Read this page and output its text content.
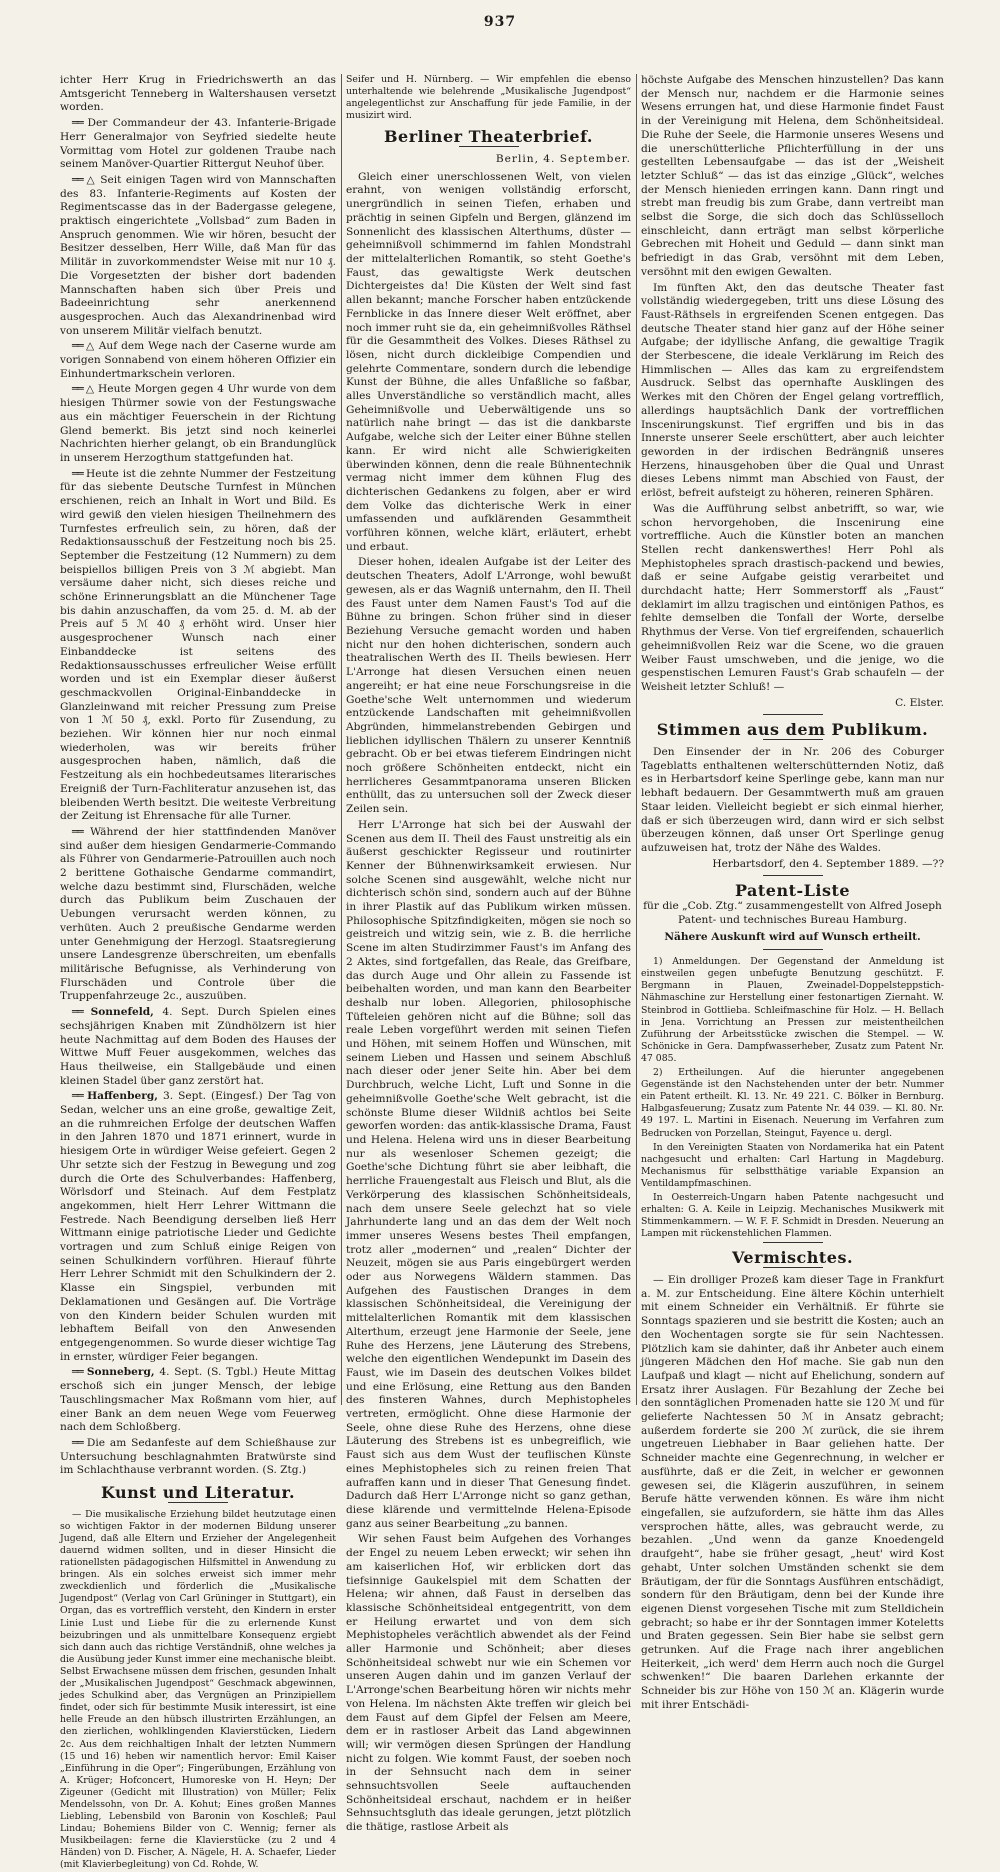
937

ichter Herr Krug in Friedrichswerth an das Amtsgericht Tenneberg in Waltershausen versetzt worden.

══ Der Commandeur der 43. Infanterie-Brigade Herr Generalmajor von Seyfried siedelte heute Vormittag vom Hotel zur goldenen Traube nach seinem Manöver-Quartier Rittergut Neuhof über.

══ △ Seit einigen Tagen wird von Mannschaften des 83. Infanterie-Regiments auf Kosten der Regimentscasse das in der Badergasse gelegene, praktisch eingerichtete „Vollsbad“ zum Baden in Anspruch genommen. Wie wir hören, besucht der Besitzer desselben, Herr Wille, daß Man für das Militär in zuvorkommendster Weise mit nur 10 ₰. Die Vorgesetzten der bisher dort badenden Mannschaften haben sich über Preis und Badeeinrichtung sehr anerkennend ausgesprochen. Auch das Alexandrinenbad wird von unserem Militär vielfach benutzt.

══ △ Auf dem Wege nach der Caserne wurde am vorigen Sonnabend von einem höheren Offizier ein Einhundertmarkschein verloren.

══ △ Heute Morgen gegen 4 Uhr wurde von dem hiesigen Thürmer sowie von der Festungswache aus ein mächtiger Feuerschein in der Richtung Glend bemerkt. Bis jetzt sind noch keinerlei Nachrichten hierher gelangt, ob ein Brandunglück in unserem Herzogthum stattgefunden hat.

══ Heute ist die zehnte Nummer der Festzeitung für das siebente Deutsche Turnfest in München erschienen, reich an Inhalt in Wort und Bild. Es wird gewiß den vielen hiesigen Theilnehmern des Turnfestes erfreulich sein, zu hören, daß der Redaktionsausschuß der Festzeitung noch bis 25. September die Festzeitung (12 Nummern) zu dem beispiellos billigen Preis von 3 ℳ abgiebt. Man versäume daher nicht, sich dieses reiche und schöne Erinnerungsblatt an die Münchener Tage bis dahin anzuschaffen, da vom 25. d. M. ab der Preis auf 5 ℳ 40 ₰ erhöht wird. Unser hier ausgesprochener Wunsch nach einer Einbanddecke ist seitens des Redaktionsausschusses erfreulicher Weise erfüllt worden und ist ein Exemplar dieser äußerst geschmackvollen Original-Einbanddecke in Glanzleinwand mit reicher Pressung zum Preise von 1 ℳ 50 ₰, exkl. Porto für Zusendung, zu beziehen. Wir können hier nur noch einmal wiederholen, was wir bereits früher ausgesprochen haben, nämlich, daß die Festzeitung als ein hochbedeutsames literarisches Ereigniß der Turn-Fachliteratur anzusehen ist, das bleibenden Werth besitzt. Die weiteste Verbreitung der Zeitung ist Ehrensache für alle Turner.

══ Während der hier stattfindenden Manöver sind außer dem hiesigen Gendarmerie-Commando als Führer von Gendarmerie-Patrouillen auch noch 2 berittene Gothaische Gendarme commandirt, welche dazu bestimmt sind, Flurschäden, welche durch das Publikum beim Zuschauen der Uebungen verursacht werden können, zu verhüten. Auch 2 preußische Gendarme werden unter Genehmigung der Herzogl. Staatsregierung unsere Landesgrenze überschreiten, um ebenfalls militärische Befugnisse, als Verhinderung von Flurschäden und Controle über die Truppenfahrzeuge 2c., auszuüben.

══ Sonnefeld, 4. Sept. Durch Spielen eines sechsjährigen Knaben mit Zündhölzern ist hier heute Nachmittag auf dem Boden des Hauses der Wittwe Muff Feuer ausgekommen, welches das Haus theilweise, ein Stallgebäude und einen kleinen Stadel über ganz zerstört hat.

══ Haffenberg, 3. Sept. (Eingesf.) Der Tag von Sedan, welcher uns an eine große, gewaltige Zeit, an die ruhmreichen Erfolge der deutschen Waffen in den Jahren 1870 und 1871 erinnert, wurde in hiesigem Orte in würdiger Weise gefeiert. Gegen 2 Uhr setzte sich der Festzug in Bewegung und zog durch die Orte des Schulverbandes: Haffenberg, Wörlsdorf und Steinach. Auf dem Festplatz angekommen, hielt Herr Lehrer Wittmann die Festrede. Nach Beendigung derselben ließ Herr Wittmann einige patriotische Lieder und Gedichte vortragen und zum Schluß einige Reigen von seinen Schulkindern vorführen. Hierauf führte Herr Lehrer Schmidt mit den Schulkindern der 2. Klasse ein Singspiel, verbunden mit Deklamationen und Gesängen auf. Die Vorträge von den Kindern beider Schulen wurden mit lebhaftem Beifall von den Anwesenden entgegengenommen. So wurde dieser wichtige Tag in ernster, würdiger Feier begangen.

══ Sonneberg, 4. Sept. (S. Tgbl.) Heute Mittag erschoß sich ein junger Mensch, der lebige Tauschlingsmacher Max Roßmann vom hier, auf einer Bank an dem neuen Wege vom Feuerweg nach dem Schloßberg.

══ Die am Sedanfeste auf dem Schießhause zur Untersuchung beschlagnahmten Bratwürste sind im Schlachthause verbrannt worden. (S. Ztg.)

Kunst und Literatur.

— Die musikalische Erziehung bildet heutzutage einen so wichtigen Faktor in der modernen Bildung unserer Jugend, daß alle Eltern und Erzieher der Angelegenheit dauernd widmen sollten, und in dieser Hinsicht die rationellsten pädagogischen Hilfsmittel in Anwendung zu bringen. Als ein solches erweist sich immer mehr zweckdienlich und förderlich die „Musikalische Jugendpost“ (Verlag von Carl Grüninger in Stuttgart), ein Organ, das es vortrefflich versteht, den Kindern in erster Linie Lust und Liebe für die zu erlernende Kunst beizubringen und als unmittelbare Konsequenz ergiebt sich dann auch das richtige Verständniß, ohne welches ja die Ausübung jeder Kunst immer eine mechanische bleibt. Selbst Erwachsene müssen dem frischen, gesunden Inhalt der „Musikalischen Jugendpost“ Geschmack abgewinnen, jedes Schulkind aber, das Vergnügen an Prinzipiellem findet, oder sich für bestimmte Musik interessirt, ist eine helle Freude an den hübsch illustrirten Erzählungen, an den zierlichen, wohlklingenden Klavierstücken, Liedern 2c. Aus dem reichhaltigen Inhalt der letzten Nummern (15 und 16) heben wir namentlich hervor: Emil Kaiser „Einführung in die Oper“; Fingerübungen, Erzählung von A. Krüger; Hofconcert, Humoreske von H. Heyn; Der Zigeuner (Gedicht mit Illustration) von Müller; Felix Mendelssohn, von Dr. A. Kohut; Eines großen Mannes Liebling, Lebensbild von Baronin von Koschleß; Paul Lindau; Bohemiens Bilder von C. Wennig; ferner als Musikbeilagen: ferne die Klavierstücke (zu 2 und 4 Händen) von D. Fischer, A. Nägele, H. A. Schaefer, Lieder (mit Klavierbegleitung) von Cd. Rohde, W.

Seifer und H. Nürnberg. — Wir empfehlen die ebenso unterhaltende wie belehrende „Musikalische Jugendpost“ angelegentlichst zur Anschaffung für jede Familie, in der musizirt wird.

Berliner Theaterbrief.
Berlin, 4. September.

Gleich einer unerschlossenen Welt, von vielen erahnt, von wenigen vollständig erforscht, unergründlich in seinen Tiefen, erhaben und prächtig in seinen Gipfeln und Bergen, glänzend im Sonnenlicht des klassischen Alterthums, düster — geheimnißvoll schimmernd im fahlen Mondstrahl der mittelalterlichen Romantik, so steht Goethe's Faust, das gewaltigste Werk deutschen Dichtergeistes da! Die Küsten der Welt sind fast allen bekannt; manche Forscher haben entzückende Fernblicke in das Innere dieser Welt eröffnet, aber noch immer ruht sie da, ein geheimnißvolles Räthsel für die Gesammtheit des Volkes. Dieses Räthsel zu lösen, nicht durch dickleibige Compendien und gelehrte Commentare, sondern durch die lebendige Kunst der Bühne, die alles Unfaßliche so faßbar, alles Unverständliche so verständlich macht, alles Geheimnißvolle und Ueberwältigende uns so natürlich nahe bringt — das ist die dankbarste Aufgabe, welche sich der Leiter einer Bühne stellen kann. Er wird nicht alle Schwierigkeiten überwinden können, denn die reale Bühnentechnik vermag nicht immer dem kühnen Flug des dichterischen Gedankens zu folgen, aber er wird dem Volke das dichterische Werk in einer umfassenden und aufklärenden Gesammtheit vorführen können, welche klärt, erläutert, erhebt und erbaut.

Dieser hohen, idealen Aufgabe ist der Leiter des deutschen Theaters, Adolf L'Arronge, wohl bewußt gewesen, als er das Wagniß unternahm, den II. Theil des Faust unter dem Namen Faust's Tod auf die Bühne zu bringen. Schon früher sind in dieser Beziehung Versuche gemacht worden und haben nicht nur den hohen dichterischen, sondern auch theatralischen Werth des II. Theils bewiesen. Herr L'Arronge hat diesen Versuchen einen neuen angereiht; er hat eine neue Forschungsreise in die Goethe'sche Welt unternommen und wiederum entzückende Landschaften mit geheimnißvollen Abgründen, himmelanstrebenden Gebirgen und lieblichen idyllischen Thälern zu unserer Kenntniß gebracht. Ob er bei etwas tieferem Eindringen nicht noch größere Schönheiten entdeckt, nicht ein herrlicheres Gesammtpanorama unseren Blicken enthüllt, das zu untersuchen soll der Zweck dieser Zeilen sein.

Herr L'Arronge hat sich bei der Auswahl der Scenen aus dem II. Theil des Faust unstreitig als ein äußerst geschickter Regisseur und routinirter Kenner der Bühnenwirksamkeit erwiesen. Nur solche Scenen sind ausgewählt, welche nicht nur dichterisch schön sind, sondern auch auf der Bühne in ihrer Plastik auf das Publikum wirken müssen. Philosophische Spitzfindigkeiten, mögen sie noch so geistreich und witzig sein, wie z. B. die herrliche Scene im alten Studirzimmer Faust's im Anfang des 2 Aktes, sind fortgefallen, das Reale, das Greifbare, das durch Auge und Ohr allein zu Fassende ist beibehalten worden, und man kann den Bearbeiter deshalb nur loben. Allegorien, philosophische Tüfteleien gehören nicht auf die Bühne; soll das reale Leben vorgeführt werden mit seinen Tiefen und Höhen, mit seinem Hoffen und Wünschen, mit seinem Lieben und Hassen und seinem Abschluß nach dieser oder jener Seite hin. Aber bei dem Durchbruch, welche Licht, Luft und Sonne in die geheimnißvolle Goethe'sche Welt gebracht, ist die schönste Blume dieser Wildniß achtlos bei Seite geworfen worden: das antik-klassische Drama, Faust und Helena. Helena wird uns in dieser Bearbeitung nur als wesenloser Schemen gezeigt; die Goethe'sche Dichtung führt sie aber leibhaft, die herrliche Frauengestalt aus Fleisch und Blut, als die Verkörperung des klassischen Schönheitsideals, nach dem unsere Seele gelechzt hat so viele Jahrhunderte lang und an das dem der Welt noch immer unseres Wesens bestes Theil empfangen, trotz aller „modernen“ und „realen“ Dichter der Neuzeit, mögen sie aus Paris eingebürgert werden oder aus Norwegens Wäldern stammen. Das Aufgehen des Faustischen Dranges in dem klassischen Schönheitsideal, die Vereinigung der mittelalterlichen Romantik mit dem klassischen Alterthum, erzeugt jene Harmonie der Seele, jene Ruhe des Herzens, jene Läuterung des Strebens, welche den eigentlichen Wendepunkt im Dasein des Faust, wie im Dasein des deutschen Volkes bildet und eine Erlösung, eine Rettung aus den Banden des finsteren Wahnes, durch Mephistopheles vertreten, ermöglicht. Ohne diese Harmonie der Seele, ohne diese Ruhe des Herzens, ohne diese Läuterung des Strebens ist es unbegreiflich, wie Faust sich aus dem Wust der teuflischen Künste eines Mephistopheles sich zu reinen freien That aufraffen kann und in dieser That Genesung findet. Dadurch daß Herr L'Arronge nicht so ganz gethan, diese klärende und vermittelnde Helena-Episode ganz aus seiner Bearbeitung „zu bannen.

Wir sehen Faust beim Aufgehen des Vorhanges der Engel zu neuem Leben erweckt; wir sehen ihn am kaiserlichen Hof, wir erblicken dort das tiefsinnige Gaukelspiel mit dem Schatten der Helena; wir ahnen, daß Faust in derselben das klassische Schönheitsideal entgegentritt, von dem er Heilung erwartet und von dem sich Mephistopheles verächtlich abwendet als der Feind aller Harmonie und Schönheit; aber dieses Schönheitsideal schwebt nur wie ein Schemen vor unseren Augen dahin und im ganzen Verlauf der L'Arronge'schen Bearbeitung hören wir nichts mehr von Helena. Im nächsten Akte treffen wir gleich bei dem Faust auf dem Gipfel der Felsen am Meere, dem er in rastloser Arbeit das Land abgewinnen will; wir vermögen diesen Sprüngen der Handlung nicht zu folgen. Wie kommt Faust, der soeben noch in der Sehnsucht nach dem in seiner sehnsuchtsvollen Seele auftauchenden Schönheitsideal erschaut, nachdem er in heißer Sehnsuchtsgluth das ideale gerungen, jetzt plötzlich die thätige, rastlose Arbeit als

höchste Aufgabe des Menschen hinzustellen? Das kann der Mensch nur, nachdem er die Harmonie seines Wesens errungen hat, und diese Harmonie findet Faust in der Vereinigung mit Helena, dem Schönheitsideal. Die Ruhe der Seele, die Harmonie unseres Wesens und die unerschütterliche Pflichterfüllung in der uns gestellten Lebensaufgabe — das ist der „Weisheit letzter Schluß“ — das ist das einzige „Glück“, welches der Mensch hienieden erringen kann. Dann ringt und strebt man freudig bis zum Grabe, dann vertreibt man selbst die Sorge, die sich doch das Schlüsselloch einschleicht, dann erträgt man selbst körperliche Gebrechen mit Hoheit und Geduld — dann sinkt man befriedigt in das Grab, versöhnt mit dem Leben, versöhnt mit den ewigen Gewalten.

Im fünften Akt, den das deutsche Theater fast vollständig wiedergegeben, tritt uns diese Lösung des Faust-Räthsels in ergreifenden Scenen entgegen. Das deutsche Theater stand hier ganz auf der Höhe seiner Aufgabe; der idyllische Anfang, die gewaltige Tragik der Sterbescene, die ideale Verklärung im Reich des Himmlischen — Alles das kam zu ergreifendstem Ausdruck. Selbst das opernhafte Ausklingen des Werkes mit den Chören der Engel gelang vortrefflich, allerdings hauptsächlich Dank der vortrefflichen Inscenirungskunst. Tief ergriffen und bis in das Innerste unserer Seele erschüttert, aber auch leichter geworden in der irdischen Bedrängniß unseres Herzens, hinausgehoben über die Qual und Unrast dieses Lebens nimmt man Abschied von Faust, der erlöst, befreit aufsteigt zu höheren, reineren Sphären.

Was die Aufführung selbst anbetrifft, so war, wie schon hervorgehoben, die Inscenirung eine vortreffliche. Auch die Künstler boten an manchen Stellen recht dankenswerthes! Herr Pohl als Mephistopheles sprach drastisch-packend und bewies, daß er seine Aufgabe geistig verarbeitet und durchdacht hatte; Herr Sommerstorff als „Faust“ deklamirt im allzu tragischen und eintönigen Pathos, es fehlte demselben die Tonfall der Worte, derselbe Rhythmus der Verse. Von tief ergreifenden, schauerlich geheimnißvollen Reiz war die Scene, wo die grauen Weiber Faust umschweben, und die jenige, wo die gespenstischen Lemuren Faust's Grab schaufeln — der Weisheit letzter Schluß! —

C. Elster.
Stimmen aus dem Publikum.

Den Einsender der in Nr. 206 des Coburger Tageblatts enthaltenen welterschütternden Notiz, daß es in Herbartsdorf keine Sperlinge gebe, kann man nur lebhaft bedauern. Der Gesammtwerth muß am grauen Staar leiden. Vielleicht begiebt er sich einmal hierher, daß er sich überzeugen wird, dann wird er sich selbst überzeugen können, daß unser Ort Sperlinge genug aufzuweisen hat, trotz der Nähe des Waldes.

Herbartsdorf, den 4. September 1889. —??
Patent-Liste
für die „Cob. Ztg.“ zusammengestellt von Alfred Joseph Patent- und technisches Bureau Hamburg.
Nähere Auskunft wird auf Wunsch ertheilt.

1) Anmeldungen. Der Gegenstand der Anmeldung ist einstweilen gegen unbefugte Benutzung geschützt. F. Bergmann in Plauen, Zweinadel-Doppelsteppstich-Nähmaschine zur Herstellung einer festonartigen Ziernaht. W. Steinbrod in Gottlieba. Schleifmaschine für Holz. — H. Bellach in Jena. Vorrichtung an Pressen zur meistentheilchen Zuführung der Arbeitsstücke zwischen die Stempel. — W. Schönicke in Gera. Dampfwasserheber, Zusatz zum Patent Nr. 47 085.

2) Ertheilungen. Auf die hierunter angegebenen Gegenstände ist den Nachstehenden unter der betr. Nummer ein Patent ertheilt. Kl. 13. Nr. 49 221. C. Bölker in Bernburg. Halbgasfeuerung; Zusatz zum Patente Nr. 44 039. — Kl. 80. Nr. 49 197. L. Martini in Eisenach. Neuerung im Verfahren zum Bedrucken von Porzellan, Steingut, Fayence u. dergl.

In den Vereinigten Staaten von Nordamerika hat ein Patent nachgesucht und erhalten: Carl Hartung in Magdeburg. Mechanismus für selbstthätige variable Expansion an Ventildampfmaschinen.

In Oesterreich-Ungarn haben Patente nachgesucht und erhalten: G. A. Keile in Leipzig. Mechanisches Musikwerk mit Stimmenkammern. — W. F. F. Schmidt in Dresden. Neuerung an Lampen mit rückenstehlichen Flammen.

Vermischtes.

— Ein drolliger Prozeß kam dieser Tage in Frankfurt a. M. zur Entscheidung. Eine ältere Köchin unterhielt mit einem Schneider ein Verhältniß. Er führte sie Sonntags spazieren und sie bestritt die Kosten; auch an den Wochentagen sorgte sie für sein Nachtessen. Plötzlich kam sie dahinter, daß ihr Anbeter auch einem jüngeren Mädchen den Hof mache. Sie gab nun den Laufpaß und klagt — nicht auf Ehelichung, sondern auf Ersatz ihrer Auslagen. Für Bezahlung der Zeche bei den sonntäglichen Promenaden hatte sie 120 ℳ und für gelieferte Nachtessen 50 ℳ in Ansatz gebracht; außerdem forderte sie 200 ℳ zurück, die sie ihrem ungetreuen Liebhaber in Baar geliehen hatte. Der Schneider machte eine Gegenrechnung, in welcher er ausführte, daß er die Zeit, in welcher er gewonnen gewesen sei, die Klägerin auszuführen, in seinem Berufe hätte verwenden können. Es wäre ihm nicht eingefallen, sie aufzufordern, sie hätte ihm das Alles versprochen hätte, alles, was gebraucht werde, zu bezahlen. „Und wenn da ganze Knoedengeld draufgeht“, habe sie früher gesagt, „heut' wird Kost gehabt, Unter solchen Umständen schenkt sie dem Bräutigam, der für die Sonntags Ausführen entschädigt, sondern für den Bräutigam, denn bei der Kunde ihre eigenen Dienst vorgesehen Tische mit zum Stelldichein gebracht; so habe er ihr der Sonntagen immer Koteletts und Braten gegessen. Sein Bier habe sie selbst gern getrunken. Auf die Frage nach ihrer angeblichen Heiterkeit, „ich werd' dem Herrn auch noch die Gurgel schwenken!“ Die baaren Darlehen erkannte der Schneider bis zur Höhe von 150 ℳ an. Klägerin wurde mit ihrer Entschädi-
